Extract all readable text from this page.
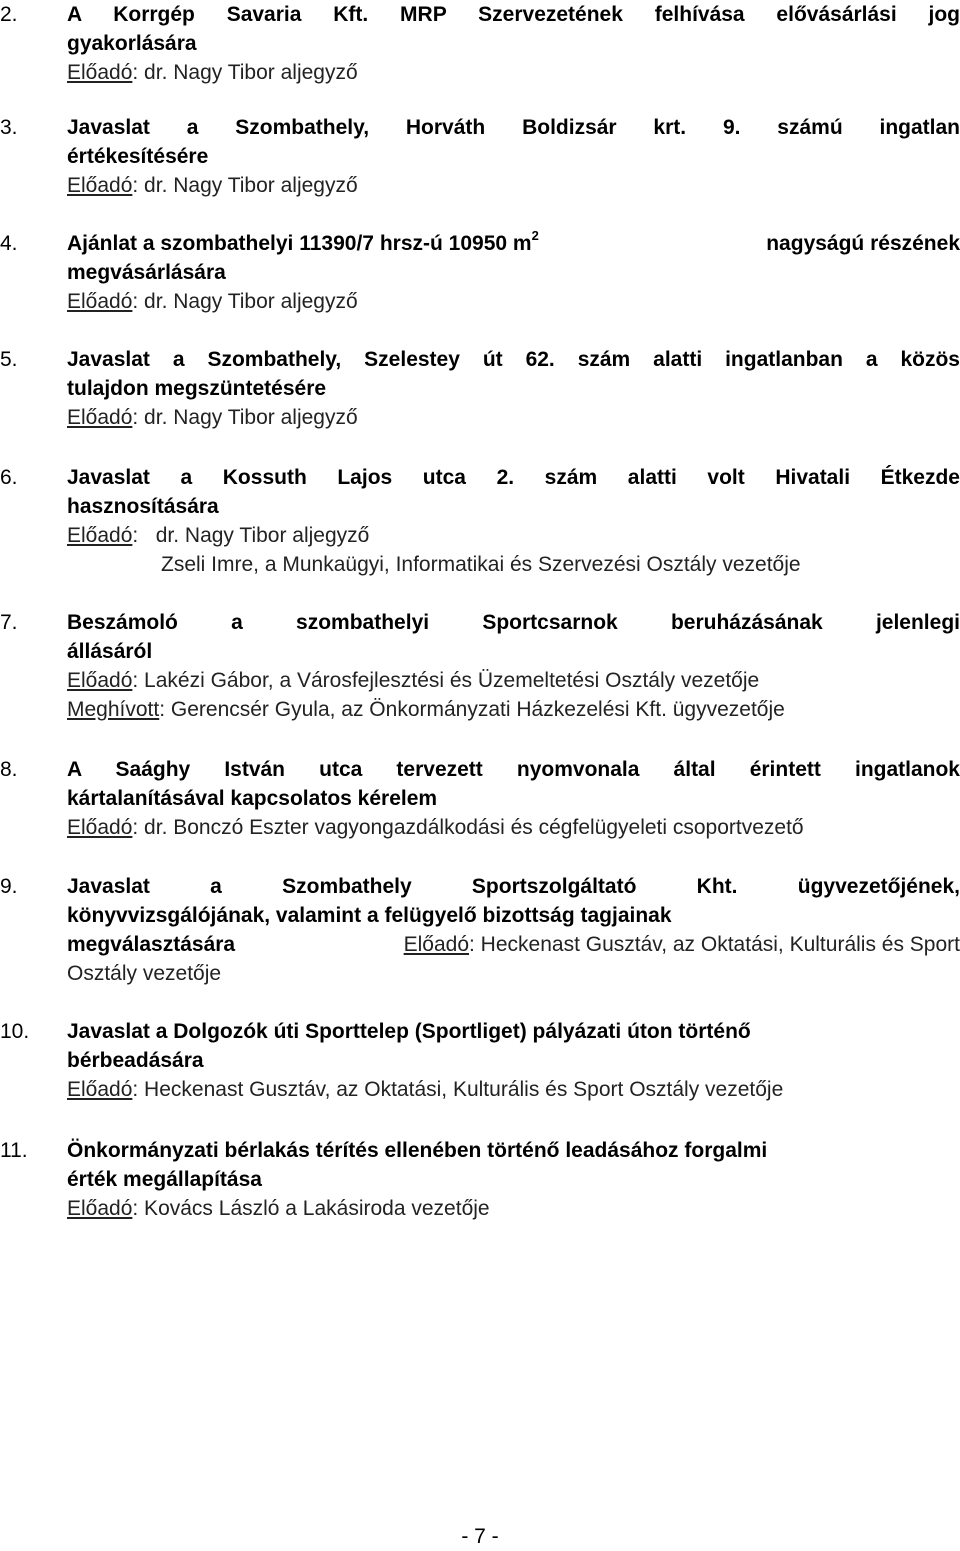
2.	A Korrgép Savaria Kft. MRP Szervezetének felhívása elővásárlási jog
gyakorlására
Előadó: dr. Nagy Tibor aljegyző
3.	Javaslat a Szombathely, Horváth Boldizsár krt. 9. számú ingatlan
értékesítésére
Előadó: dr. Nagy Tibor aljegyző
4.	Ajánlat a szombathelyi 11390/7 hrsz-ú 10950 $m^2$	nagyságú részének
megvásárlására
Előadó: dr. Nagy Tibor aljegyző
5.	Javaslat a Szombathely, Szelestey út 62. szám alatti ingatlanban a közös
tulajdon megszüntetésére
Előadó: dr. Nagy Tibor aljegyző
6.	Javaslat a Kossuth Lajos utca 2. szám alatti volt Hivatali Étkezde
hasznosítására
Előadó:   dr. Nagy Tibor aljegyző
Zseli Imre, a Munkaügyi, Informatikai és Szervezési Osztály vezetője
7.	Beszámoló a szombathelyi Sportcsarnok beruházásának jelenlegi
állásáról
Előadó: Lakézi Gábor, a Városfejlesztési és Üzemeltetési Osztály vezetője
Meghívott: Gerencsér Gyula, az Önkormányzati Házkezelési Kft. ügyvezetője
8.	A Saághy István utca tervezett nyomvonala által érintett ingatlanok
kártalanításával kapcsolatos kérelem
Előadó: dr. Bonczó Eszter vagyongazdálkodási és cégfelügyeleti csoportvezető
9.	Javaslat a Szombathely Sportszolgáltató Kht. ügyvezetőjének,
könyvvizsgálójának, valamint a felügyelő bizottság tagjainak
megválasztására	Előadó: Heckenast Gusztáv, az Oktatási, Kulturális és Sport
Osztály vezetője
10.	Javaslat a Dolgozók úti Sporttelep (Sportliget) pályázati úton történő
bérbeadására
Előadó: Heckenast Gusztáv, az Oktatási, Kulturális és Sport Osztály vezetője
11.	Önkormányzati bérlakás térítés ellenében történő leadásához forgalmi
érték megállapítása
Előadó: Kovács László a Lakásiroda vezetője
- 7 -
